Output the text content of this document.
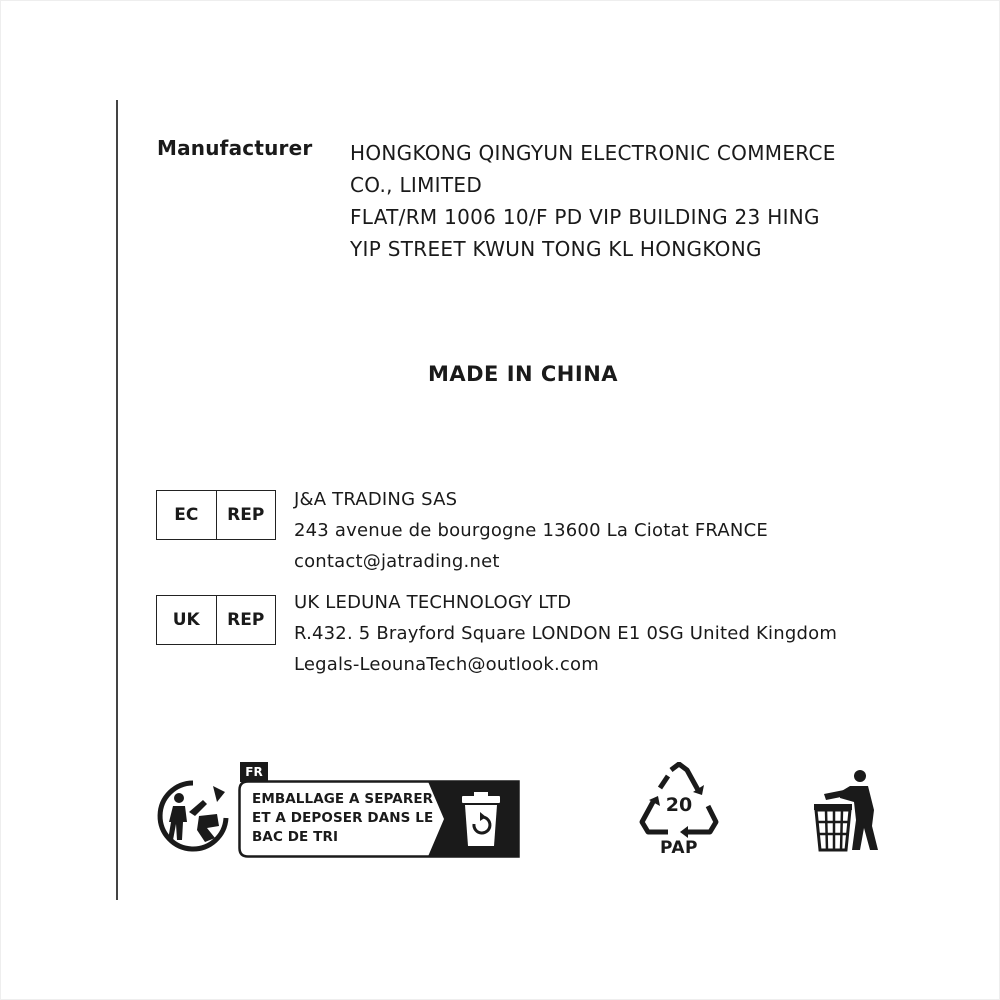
Manufacturer HONGKONG QINGYUN ELECTRONIC COMMERCE
CO., LIMITED
FLAT/RM 1006 10/F PD VIP BUILDING 23 HING
YIP STREET KWUN TONG KL HONGKONG
MADE IN CHINA
EC	REP
J&A TRADING SAS
243 avenue de bourgogne 13600 La Ciotat FRANCE
contact@jatrading.net
UK	REP
UK LEDUNA TECHNOLOGY LTD
R.432. 5 Brayford Square LONDON E1 0SG United Kingdom
Legals-LeounaTech@outlook.com
FR
EMBALLAGE A SEPARER
ET A DEPOSER DANS LE
BAC DE TRI
20
PAP
